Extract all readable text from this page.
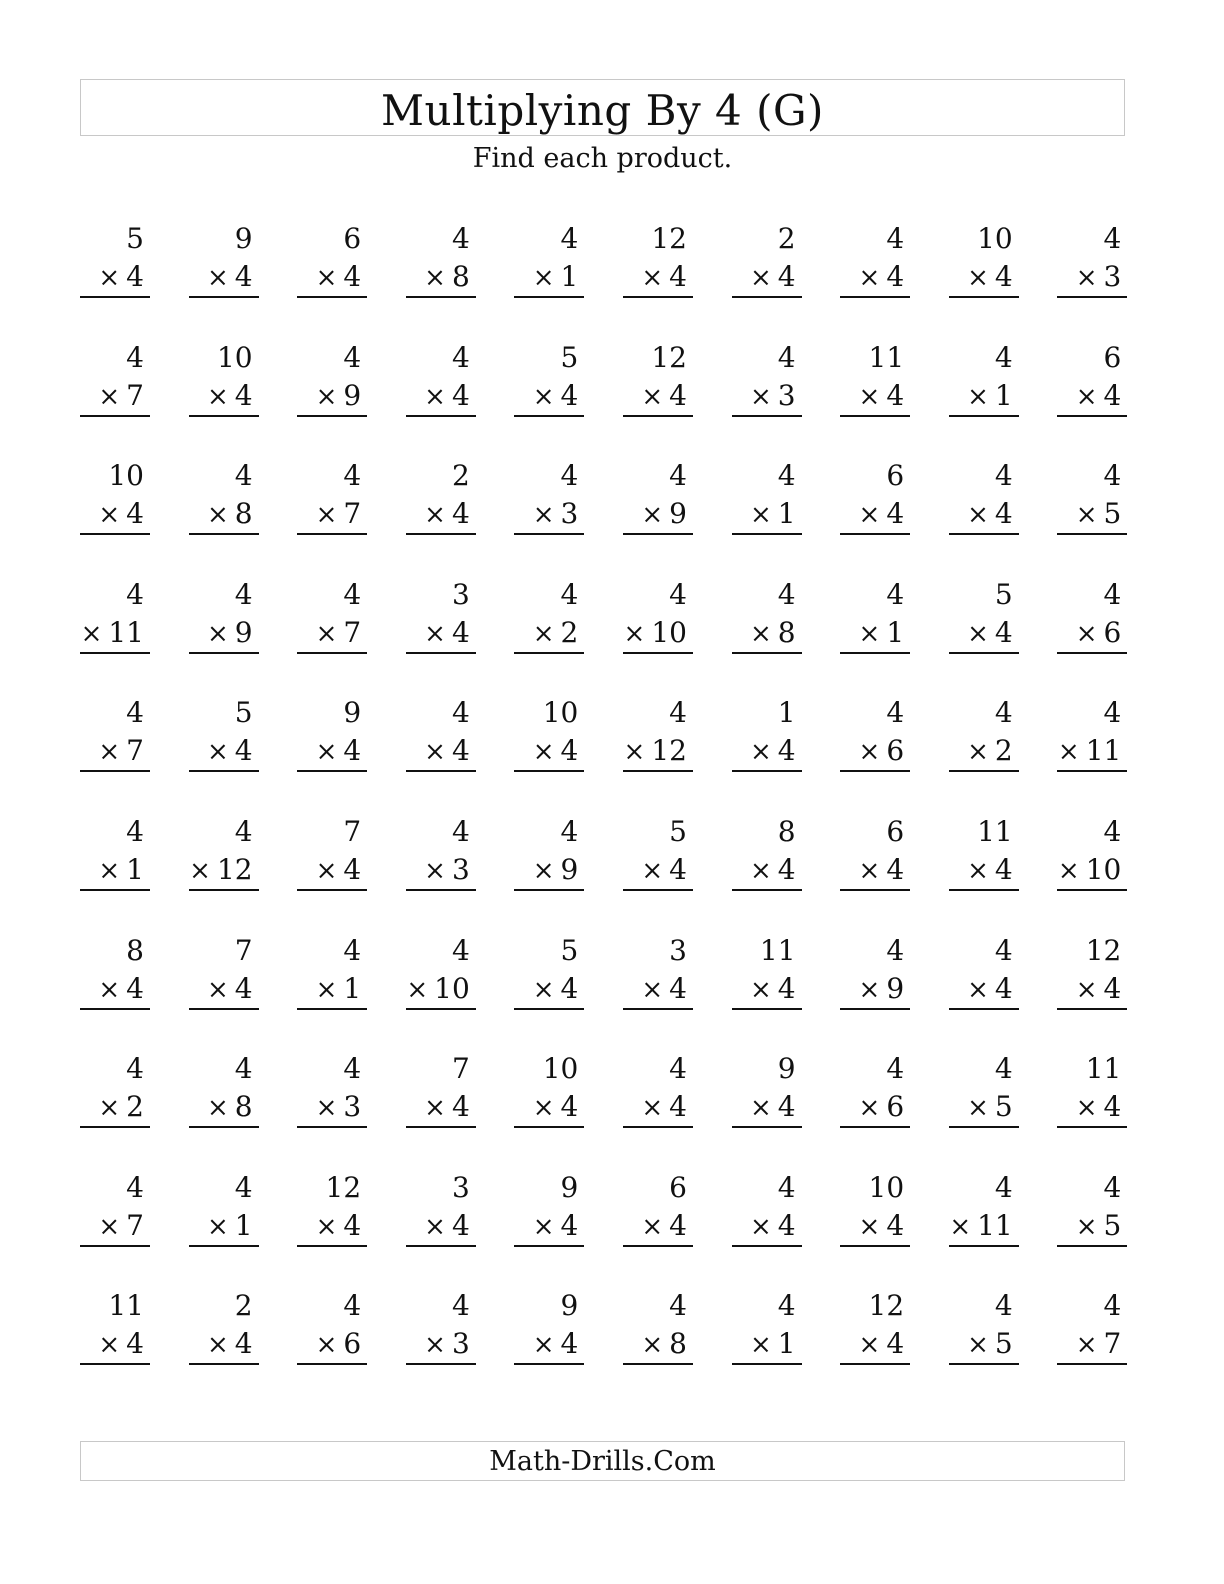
Multiplying By 4 (G)

Find each product.

5
× 4
9
× 4
6
× 4
4
× 8
4
× 1
12
× 4
2
× 4
4
× 4
10
× 4
4
× 3
4
× 7
10
× 4
4
× 9
4
× 4
5
× 4
12
× 4
4
× 3
11
× 4
4
× 1
6
× 4
10
× 4
4
× 8
4
× 7
2
× 4
4
× 3
4
× 9
4
× 1
6
× 4
4
× 4
4
× 5
4
× 11
4
× 9
4
× 7
3
× 4
4
× 2
4
× 10
4
× 8
4
× 1
5
× 4
4
× 6
4
× 7
5
× 4
9
× 4
4
× 4
10
× 4
4
× 12
1
× 4
4
× 6
4
× 2
4
× 11
4
× 1
4
× 12
7
× 4
4
× 3
4
× 9
5
× 4
8
× 4
6
× 4
11
× 4
4
× 10
8
× 4
7
× 4
4
× 1
4
× 10
5
× 4
3
× 4
11
× 4
4
× 9
4
× 4
12
× 4
4
× 2
4
× 8
4
× 3
7
× 4
10
× 4
4
× 4
9
× 4
4
× 6
4
× 5
11
× 4
4
× 7
4
× 1
12
× 4
3
× 4
9
× 4
6
× 4
4
× 4
10
× 4
4
× 11
4
× 5
11
× 4
2
× 4
4
× 6
4
× 3
9
× 4
4
× 8
4
× 1
12
× 4
4
× 5
4
× 7
Math-Drills.Com
